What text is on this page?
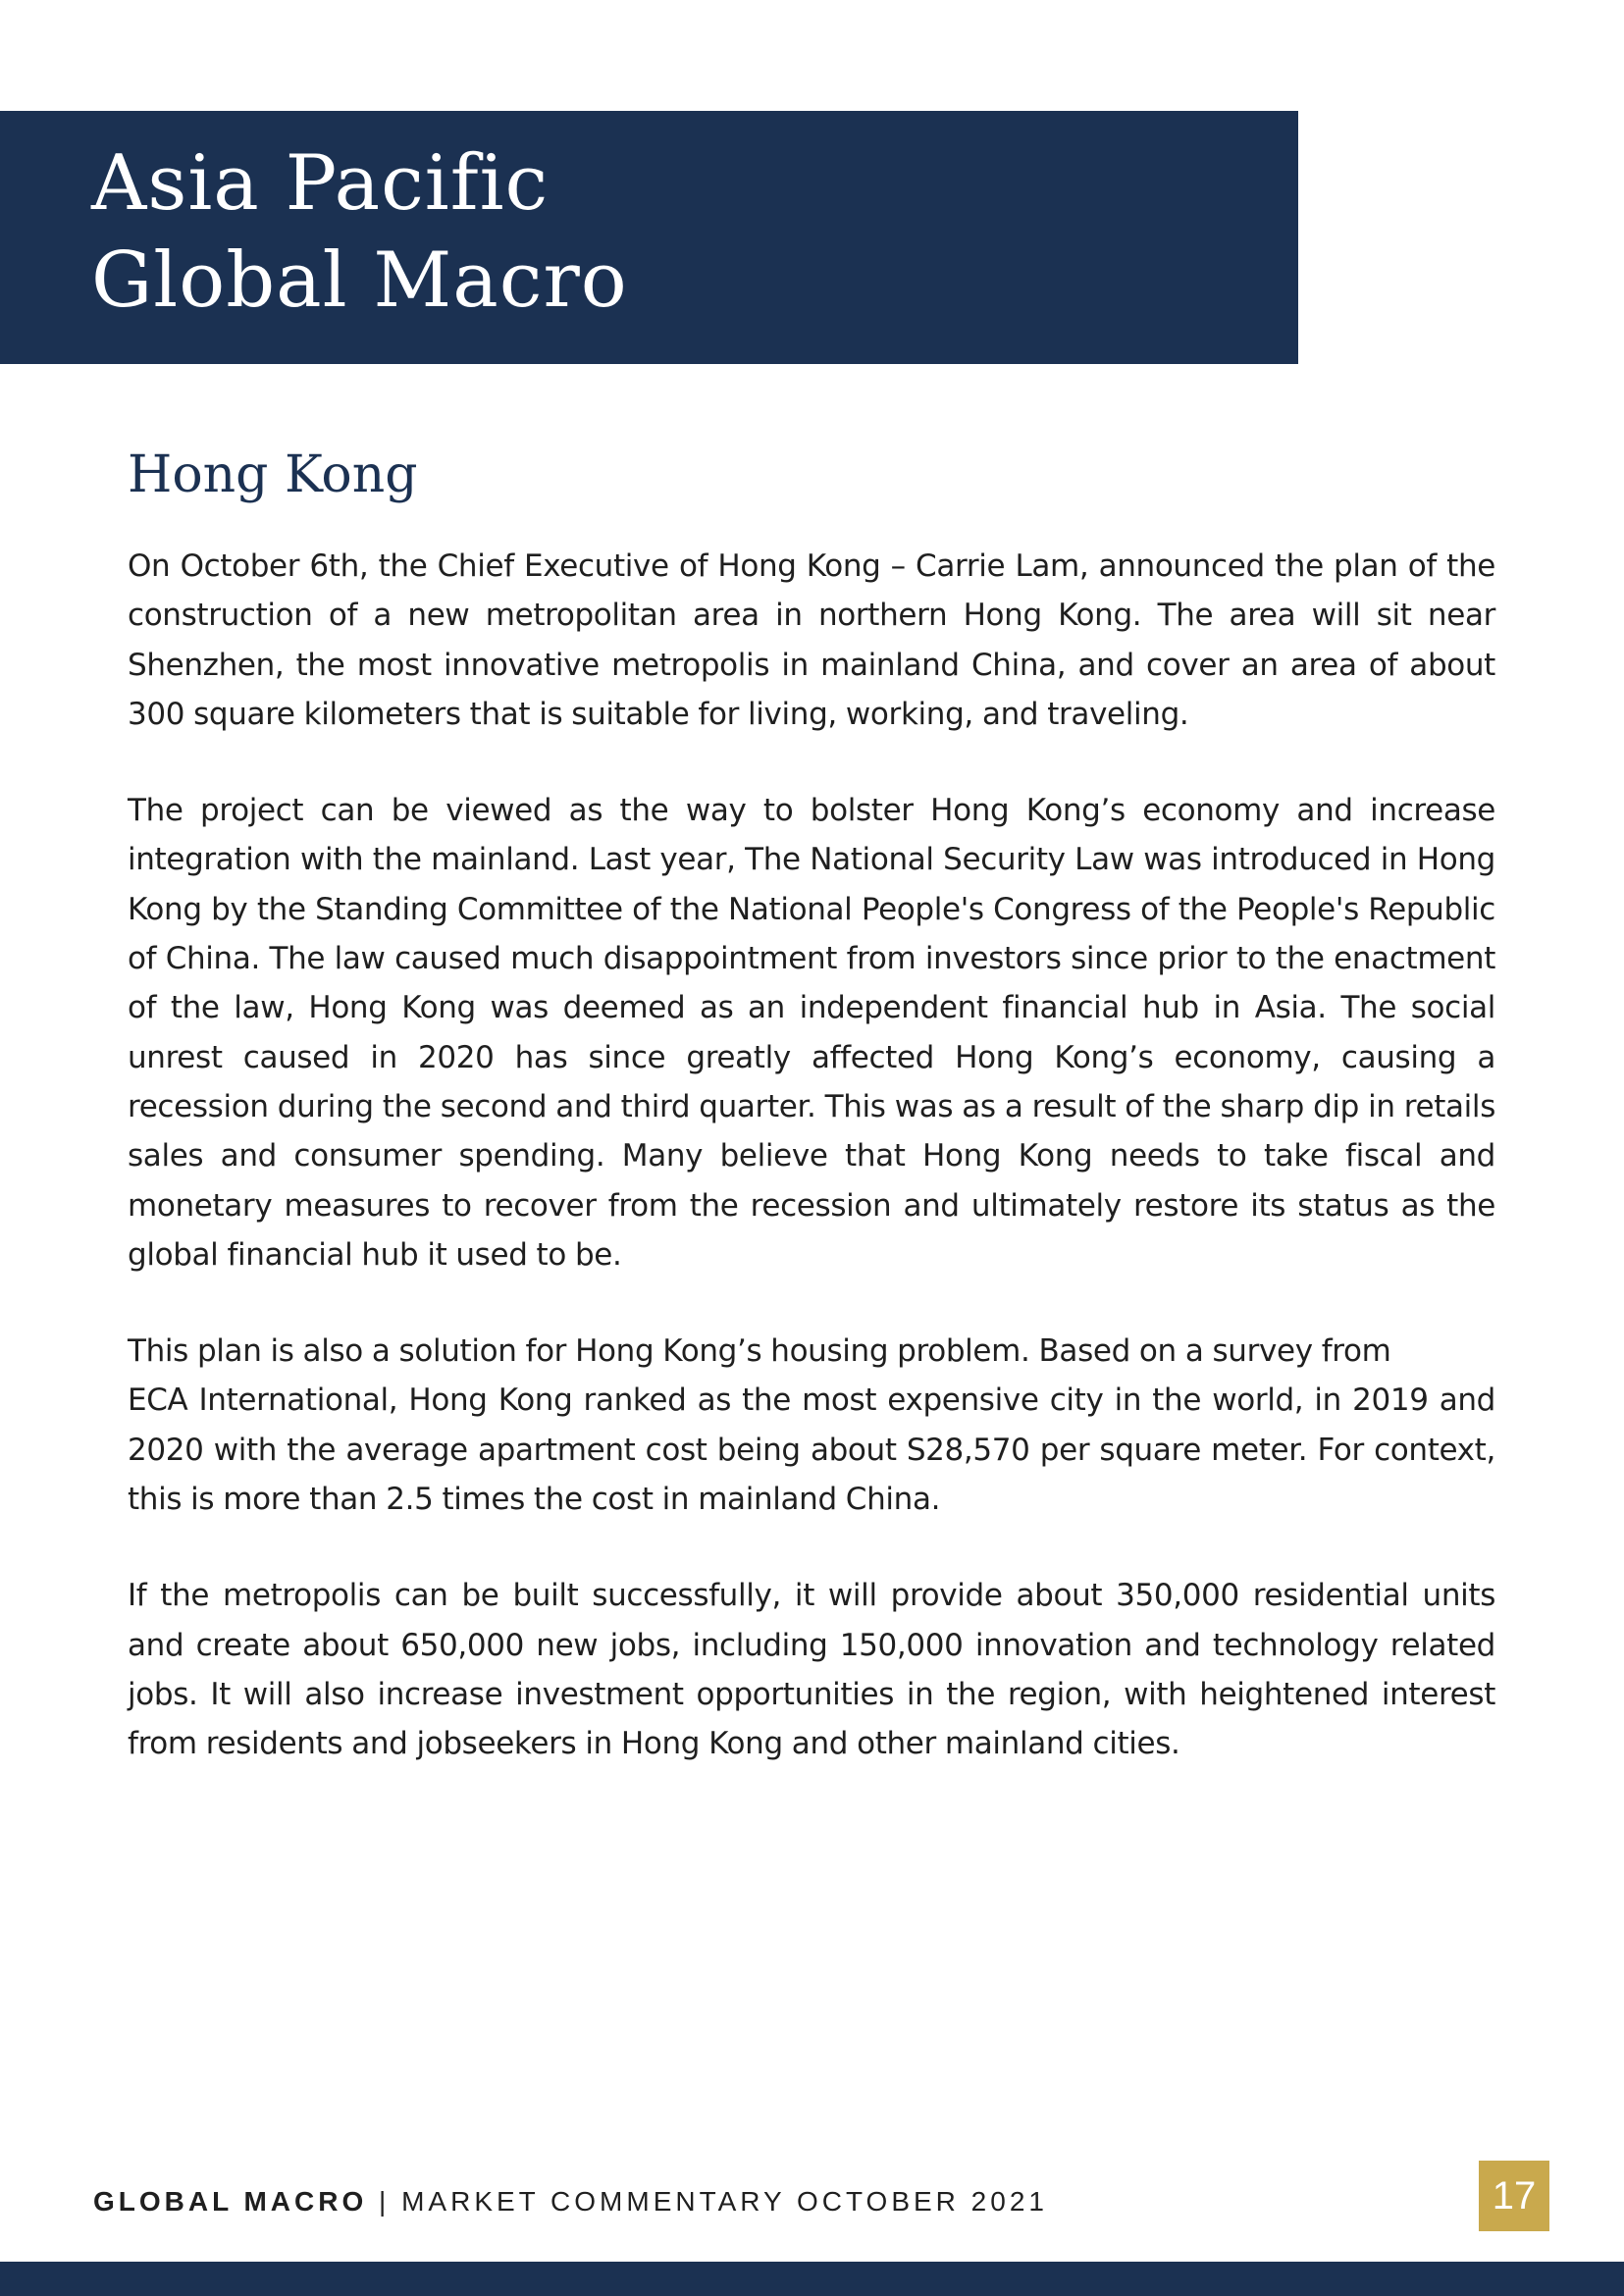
Asia Pacific
Global Macro
Hong Kong

On October 6th, the Chief Executive of Hong Kong – Carrie Lam, announced the plan of the construction of a new metropolitan area in northern Hong Kong. The area will sit near Shenzhen, the most innovative metropolis in mainland China, and cover an area of about 300 square kilometers that is suitable for living, working, and traveling.

The project can be viewed as the way to bolster Hong Kong’s economy and increase integration with the mainland. Last year, The National Security Law was introduced in Hong Kong by the Standing Committee of the National People's Congress of the People's Republic of China. The law caused much disappointment from investors since prior to the enactment of the law, Hong Kong was deemed as an independent financial hub in Asia. The social unrest caused in 2020 has since greatly affected Hong Kong’s economy, causing a recession during the second and third quarter. This was as a result of the sharp dip in retails sales and consumer spending. Many believe that Hong Kong needs to take fiscal and monetary measures to recover from the recession and ultimately restore its status as the global financial hub it used to be.

This plan is also a solution for Hong Kong’s housing problem. Based on a survey from
ECA International, Hong Kong ranked as the most expensive city in the world, in 2019 and 2020 with the average apartment cost being about S28,570 per square meter. For context, this is more than 2.5 times the cost in mainland China.

If the metropolis can be built successfully, it will provide about 350,000 residential units and create about 650,000 new jobs, including 150,000 innovation and technology related jobs. It will also increase investment opportunities in the region, with heightened interest from residents and jobseekers in Hong Kong and other mainland cities.

GLOBAL MACRO | MARKET COMMENTARY OCTOBER 2021	17
